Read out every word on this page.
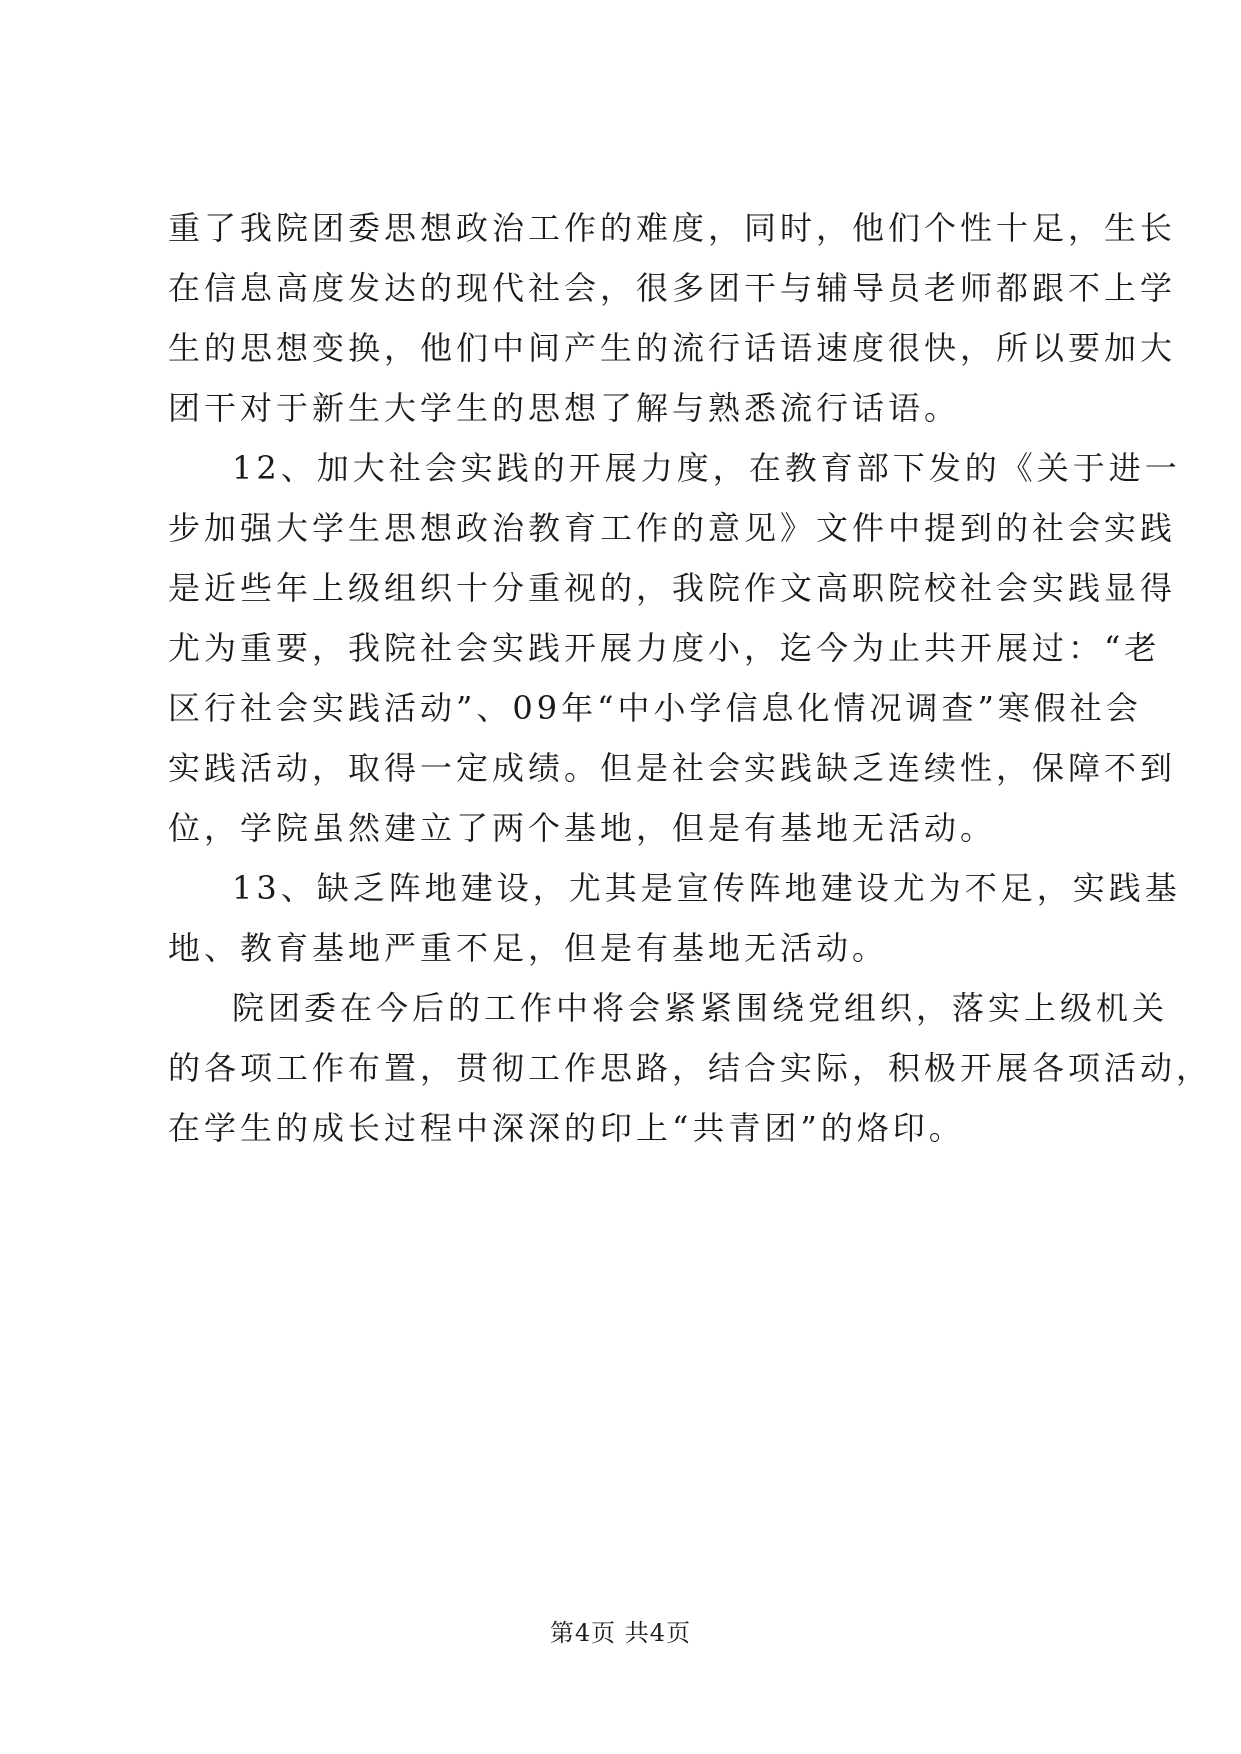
重了我院团委思想政治工作的难度，同时，他们个性十足，生长
在信息高度发达的现代社会，很多团干与辅导员老师都跟不上学
生的思想变换，他们中间产生的流行话语速度很快，所以要加大
团干对于新生大学生的思想了解与熟悉流行话语。
12、加大社会实践的开展力度，在教育部下发的《关于进一
步加强大学生思想政治教育工作的意见》文件中提到的社会实践
是近些年上级组织十分重视的，我院作文高职院校社会实践显得
尤为重要，我院社会实践开展力度小，迄今为止共开展过：“老
区行社会实践活动”、09年“中小学信息化情况调查”寒假社会
实践活动，取得一定成绩。但是社会实践缺乏连续性，保障不到
位，学院虽然建立了两个基地，但是有基地无活动。
13、缺乏阵地建设，尤其是宣传阵地建设尤为不足，实践基
地、教育基地严重不足，但是有基地无活动。
院团委在今后的工作中将会紧紧围绕党组织，落实上级机关
的各项工作布置，贯彻工作思路，结合实际，积极开展各项活动，
在学生的成长过程中深深的印上“共青团”的烙印。
第4页 共4页
